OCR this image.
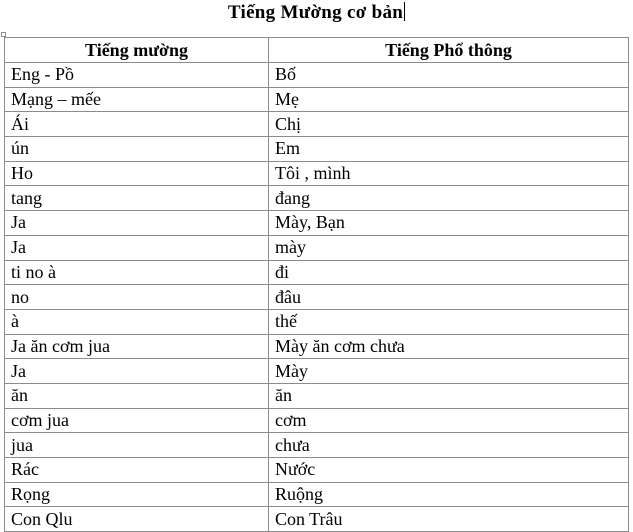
Tiếng Mường cơ bản
Tiếng mường	Tiếng Phổ thông
Eng - Pồ	Bố
Mạng – mếe	Mẹ
Ái	Chị
ún	Em
Ho	Tôi , mình
tang	đang
Ja	Mày, Bạn
Ja	mày
ti no à	đi
no	đâu
à	thế
Ja ăn cơm jua	Mày ăn cơm chưa
Ja	Mày
ăn	ăn
cơm jua	cơm
jua	chưa
Rác	Nước
Rọng	Ruộng
Con Qlu	Con Trâu
